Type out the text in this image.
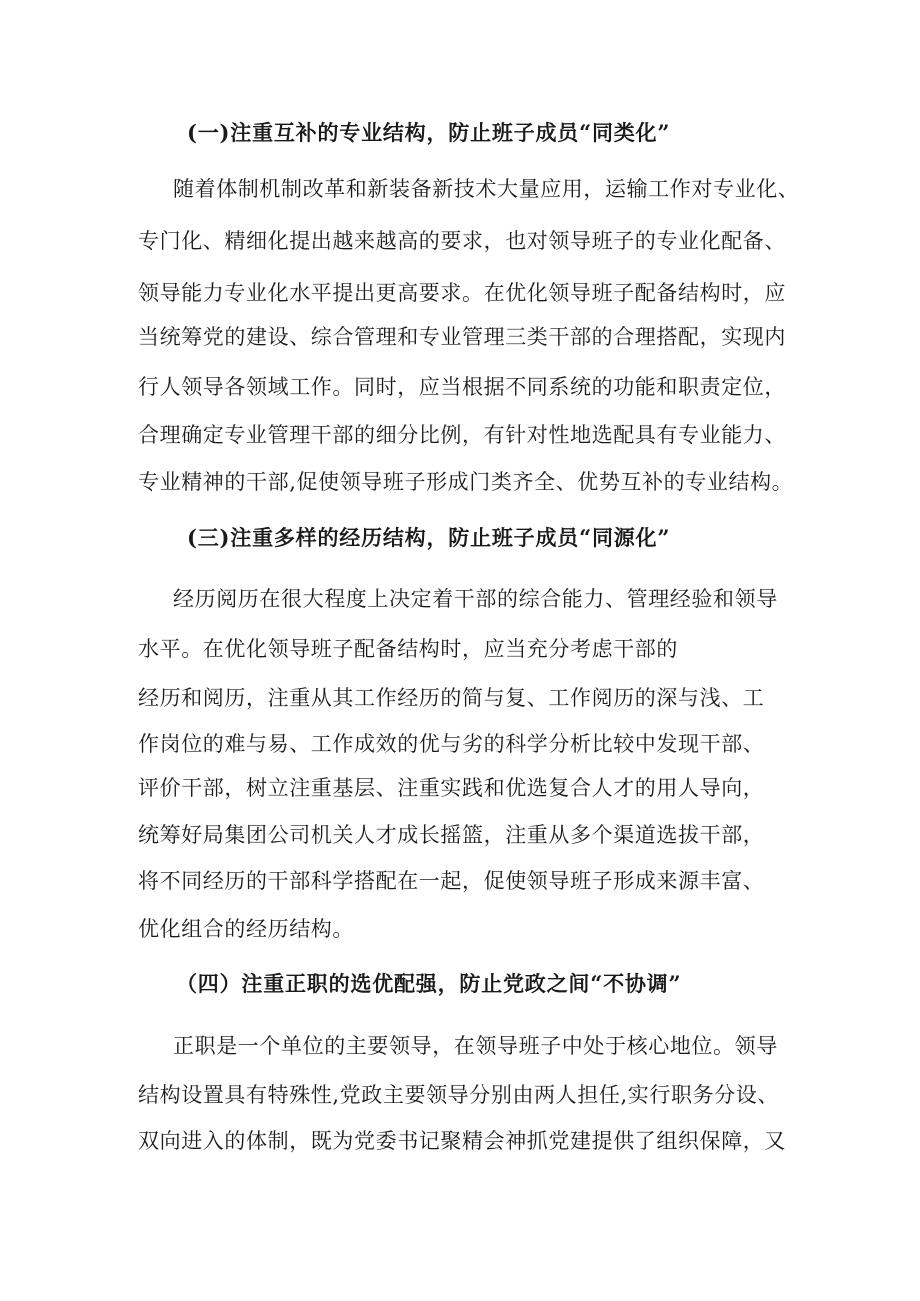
(一)注重互补的专业结构，防止班子成员“同类化”
随着体制机制改革和新装备新技术大量应用，运输工作对专业化、
专门化、精细化提出越来越高的要求，也对领导班子的专业化配备、
领导能力专业化水平提出更高要求。在优化领导班子配备结构时，应
当统筹党的建设、综合管理和专业管理三类干部的合理搭配，实现内
行人领导各领域工作。同时，应当根据不同系统的功能和职责定位，
合理确定专业管理干部的细分比例，有针对性地选配具有专业能力、
专业精神的干部,促使领导班子形成门类齐全、优势互补的专业结构。
(三)注重多样的经历结构，防止班子成员“同源化”
经历阅历在很大程度上决定着干部的综合能力、管理经验和领导
水平。在优化领导班子配备结构时，应当充分考虑干部的
经历和阅历，注重从其工作经历的简与复、工作阅历的深与浅、工
作岗位的难与易、工作成效的优与劣的科学分析比较中发现干部、
评价干部，树立注重基层、注重实践和优选复合人才的用人导向，
统筹好局集团公司机关人才成长摇篮，注重从多个渠道选拔干部，
将不同经历的干部科学搭配在一起，促使领导班子形成来源丰富、
优化组合的经历结构。
（四）注重正职的选优配强，防止党政之间“不协调”
正职是一个单位的主要领导，在领导班子中处于核心地位。领导
结构设置具有特殊性,党政主要领导分别由两人担任,实行职务分设、
双向进入的体制，既为党委书记聚精会神抓党建提供了组织保障，又
